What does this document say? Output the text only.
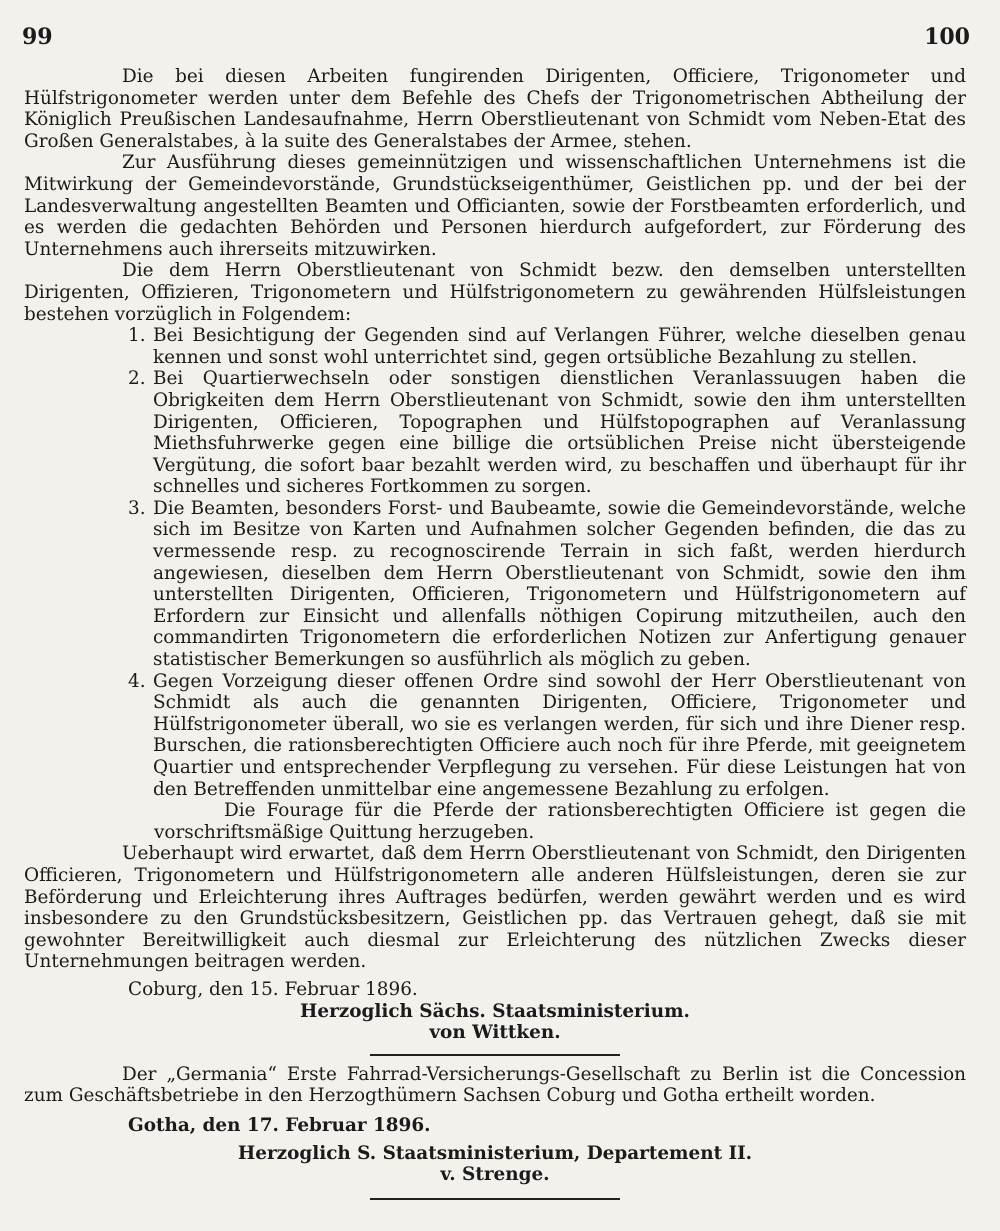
99	100

Die bei diesen Arbeiten fungirenden Dirigenten, Officiere, Trigonometer und Hülfstrigonometer werden unter dem Befehle des Chefs der Trigonometrischen Abtheilung der Königlich Preußischen Landesaufnahme, Herrn Oberstlieutenant von Schmidt vom Neben-Etat des Großen Generalstabes, à la suite des Generalstabes der Armee, stehen.

Zur Ausführung dieses gemeinnützigen und wissenschaftlichen Unternehmens ist die Mitwirkung der Gemeindevorstände, Grundstückseigenthümer, Geistlichen pp. und der bei der Landesverwaltung angestellten Beamten und Officianten, sowie der Forstbeamten erforderlich, und es werden die gedachten Behörden und Personen hierdurch aufgefordert, zur Förderung des Unternehmens auch ihrerseits mitzuwirken.

Die dem Herrn Oberstlieutenant von Schmidt bezw. den demselben unterstellten Dirigenten, Offizieren, Trigonometern und Hülfstrigonometern zu gewährenden Hülfsleistungen bestehen vorzüglich in Folgendem:

1. Bei Besichtigung der Gegenden sind auf Verlangen Führer, welche dieselben genau kennen und sonst wohl unterrichtet sind, gegen ortsübliche Bezahlung zu stellen.
2. Bei Quartierwechseln oder sonstigen dienstlichen Veranlassuugen haben die Obrigkeiten dem Herrn Oberstlieutenant von Schmidt, sowie den ihm unterstellten Dirigenten, Officieren, Topographen und Hülfstopographen auf Veranlassung Miethsfuhrwerke gegen eine billige die ortsüblichen Preise nicht übersteigende Vergütung, die sofort baar bezahlt werden wird, zu beschaffen und überhaupt für ihr schnelles und sicheres Fortkommen zu sorgen.
3. Die Beamten, besonders Forst- und Baubeamte, sowie die Gemeindevorstände, welche sich im Besitze von Karten und Aufnahmen solcher Gegenden befinden, die das zu vermessende resp. zu recognoscirende Terrain in sich faßt, werden hierdurch angewiesen, dieselben dem Herrn Oberstlieutenant von Schmidt, sowie den ihm unterstellten Dirigenten, Officieren, Trigonometern und Hülfstrigonometern auf Erfordern zur Einsicht und allenfalls nöthigen Copirung mitzutheilen, auch den commandirten Trigonometern die erforderlichen Notizen zur Anfertigung genauer statistischer Bemerkungen so ausführlich als möglich zu geben.
4. Gegen Vorzeigung dieser offenen Ordre sind sowohl der Herr Oberstlieutenant von Schmidt als auch die genannten Dirigenten, Officiere, Trigonometer und Hülfstrigonometer überall, wo sie es verlangen werden, für sich und ihre Diener resp. Burschen, die rationsberechtigten Officiere auch noch für ihre Pferde, mit geeignetem Quartier und entsprechender Verpflegung zu versehen. Für diese Leistungen hat von den Betreffenden unmittelbar eine angemessene Bezahlung zu erfolgen.

Die Fourage für die Pferde der rationsberechtigten Officiere ist gegen die vorschriftsmäßige Quittung herzugeben.

Ueberhaupt wird erwartet, daß dem Herrn Oberstlieutenant von Schmidt, den Dirigenten Officieren, Trigonometern und Hülfstrigonometern alle anderen Hülfsleistungen, deren sie zur Beförderung und Erleichterung ihres Auftrages bedürfen, werden gewährt werden und es wird insbesondere zu den Grundstücksbesitzern, Geistlichen pp. das Vertrauen gehegt, daß sie mit gewohnter Bereitwilligkeit auch diesmal zur Erleichterung des nützlichen Zwecks dieser Unternehmungen beitragen werden.

Coburg, den 15. Februar 1896.

Herzoglich Sächs. Staatsministerium.

von Wittken.

Der „Germania“ Erste Fahrrad-Versicherungs-Gesellschaft zu Berlin ist die Concession zum Geschäftsbetriebe in den Herzogthümern Sachsen Coburg und Gotha ertheilt worden.

Gotha, den 17. Februar 1896.

Herzoglich S. Staatsministerium, Departement II.

v. Strenge.
